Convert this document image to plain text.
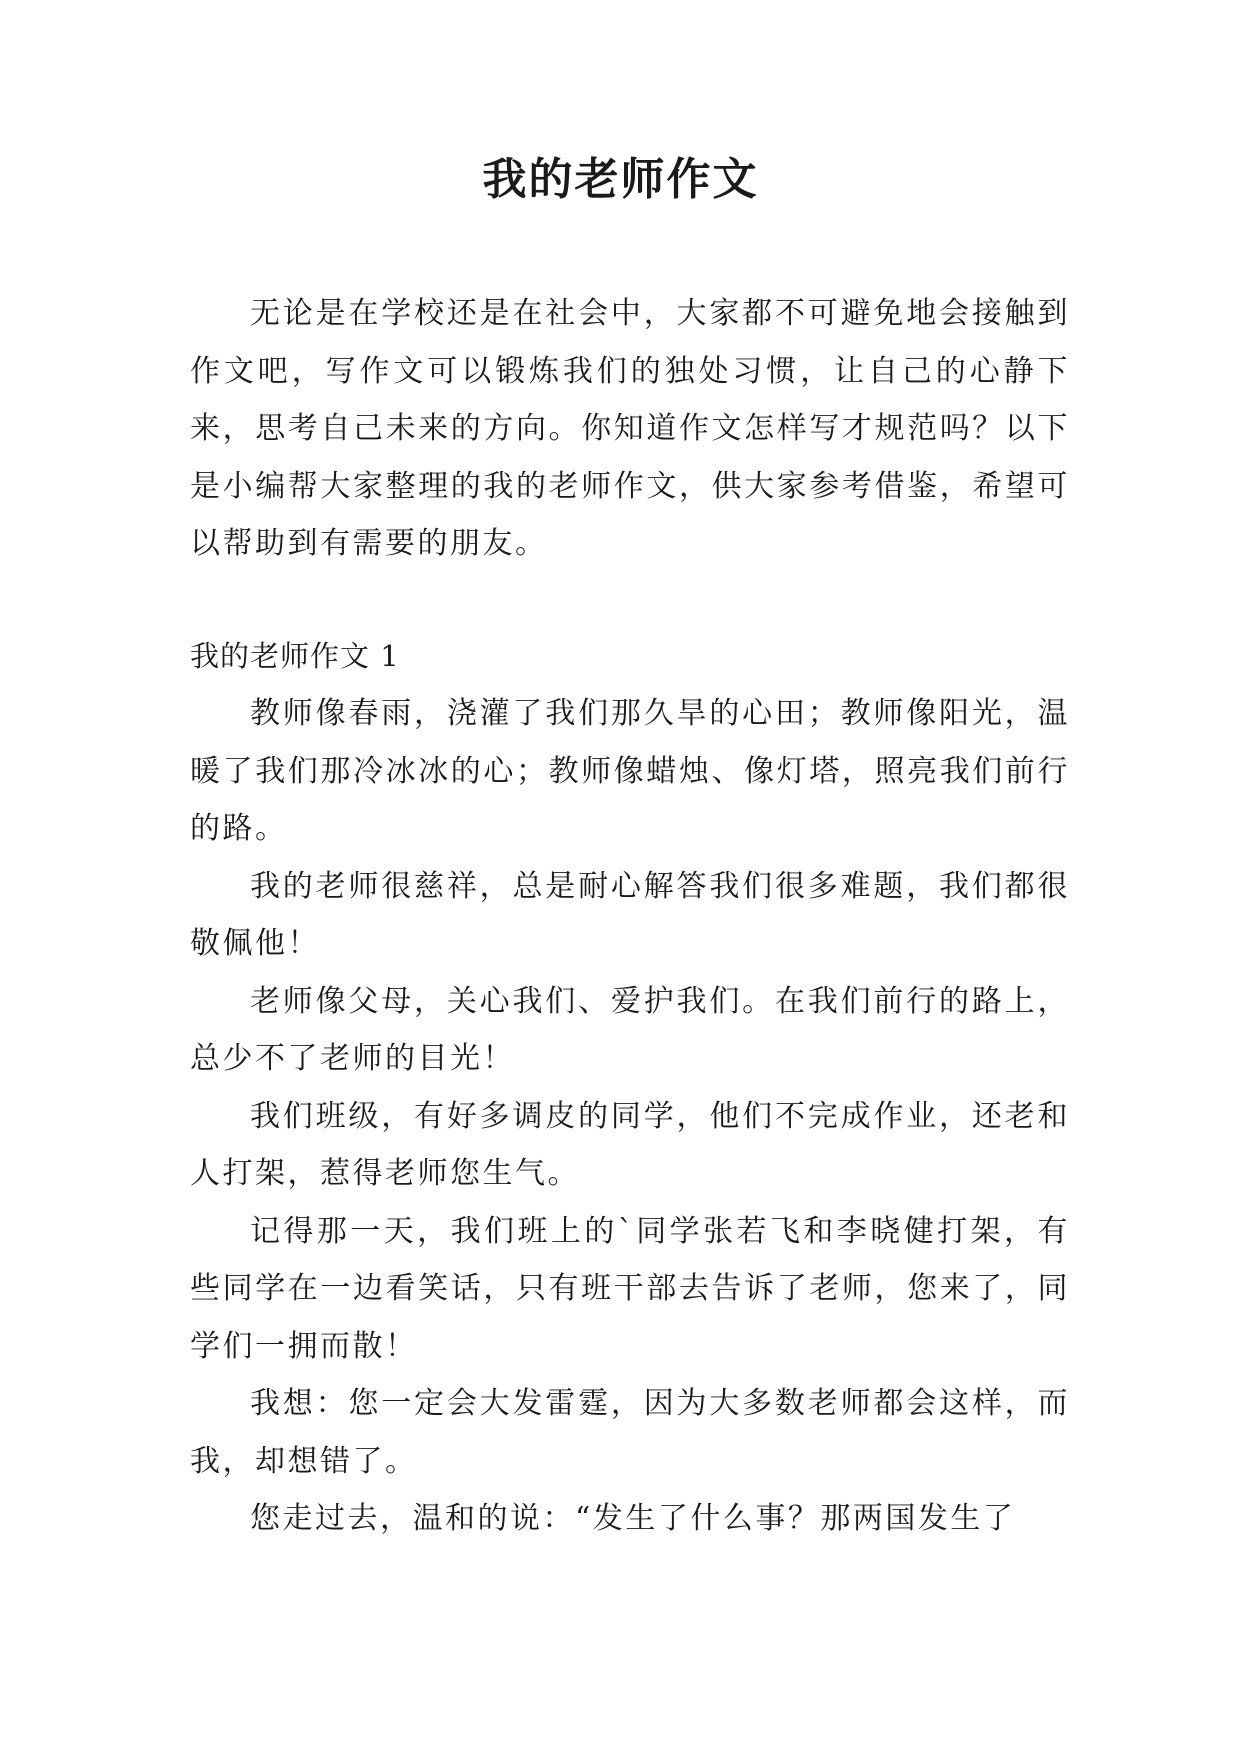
我的老师作文

无论是在学校还是在社会中，大家都不可避免地会接触到作文吧，写作文可以锻炼我们的独处习惯，让自己的心静下来，思考自己未来的方向。你知道作文怎样写才规范吗？以下是小编帮大家整理的我的老师作文，供大家参考借鉴，希望可以帮助到有需要的朋友。

我的老师作文 1

教师像春雨，浇灌了我们那久旱的心田；教师像阳光，温暖了我们那冷冰冰的心；教师像蜡烛、像灯塔，照亮我们前行的路。

我的老师很慈祥，总是耐心解答我们很多难题，我们都很敬佩他！

老师像父母，关心我们、爱护我们。在我们前行的路上，总少不了老师的目光！

我们班级，有好多调皮的同学，他们不完成作业，还老和人打架，惹得老师您生气。

记得那一天，我们班上的`同学张若飞和李晓健打架，有些同学在一边看笑话，只有班干部去告诉了老师，您来了，同学们一拥而散！

我想：您一定会大发雷霆，因为大多数老师都会这样，而我，却想错了。

您走过去，温和的说：“发生了什么事？那两国发生了
